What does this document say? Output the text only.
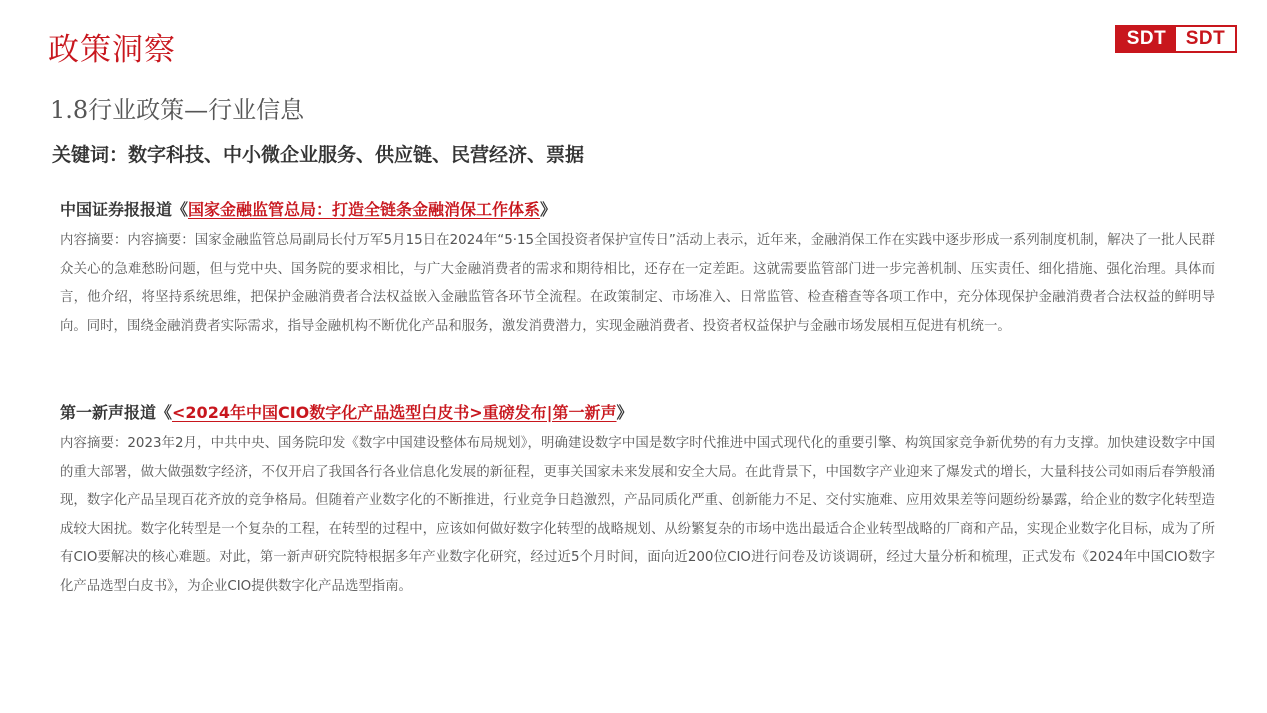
政策洞察	SDT	SDT
1.8行业政策—行业信息
关键词：数字科技、中小微企业服务、供应链、民营经济、票据
中国证券报报道《国家金融监管总局：打造全链条金融消保工作体系》
内容摘要：内容摘要：国家金融监管总局副局长付万军5月15日在2024年“5·15全国投资者保护宣传日”活动上表示，近年来，金融消保工作在实践中逐步形成一系列制度机制，解决了一批人民群众关心的急难愁盼问题，但与党中央、国务院的要求相比，与广大金融消费者的需求和期待相比，还存在一定差距。这就需要监管部门进一步完善机制、压实责任、细化措施、强化治理。具体而言，他介绍，将坚持系统思维，把保护金融消费者合法权益嵌入金融监管各环节全流程。在政策制定、市场准入、日常监管、检查稽查等各项工作中，充分体现保护金融消费者合法权益的鲜明导向。同时，围绕金融消费者实际需求，指导金融机构不断优化产品和服务，激发消费潜力，实现金融消费者、投资者权益保护与金融市场发展相互促进有机统一。
第一新声报道《<2024年中国CIO数字化产品选型白皮书>重磅发布|第一新声》
内容摘要：2023年2月，中共中央、国务院印发《数字中国建设整体布局规划》，明确建设数字中国是数字时代推进中国式现代化的重要引擎、构筑国家竞争新优势的有力支撑。加快建设数字中国的重大部署，做大做强数字经济，不仅开启了我国各行各业信息化发展的新征程，更事关国家未来发展和安全大局。在此背景下，中国数字产业迎来了爆发式的增长，大量科技公司如雨后春笋般涌现，数字化产品呈现百花齐放的竞争格局。但随着产业数字化的不断推进，行业竞争日趋激烈，产品同质化严重、创新能力不足、交付实施难、应用效果差等问题纷纷暴露，给企业的数字化转型造成较大困扰。数字化转型是一个复杂的工程，在转型的过程中，应该如何做好数字化转型的战略规划、从纷繁复杂的市场中选出最适合企业转型战略的厂商和产品，实现企业数字化目标，成为了所有CIO要解决的核心难题。对此，第一新声研究院特根据多年产业数字化研究，经过近5个月时间，面向近200位CIO进行问卷及访谈调研，经过大量分析和梳理，正式发布《2024年中国CIO数字化产品选型白皮书》，为企业CIO提供数字化产品选型指南。
